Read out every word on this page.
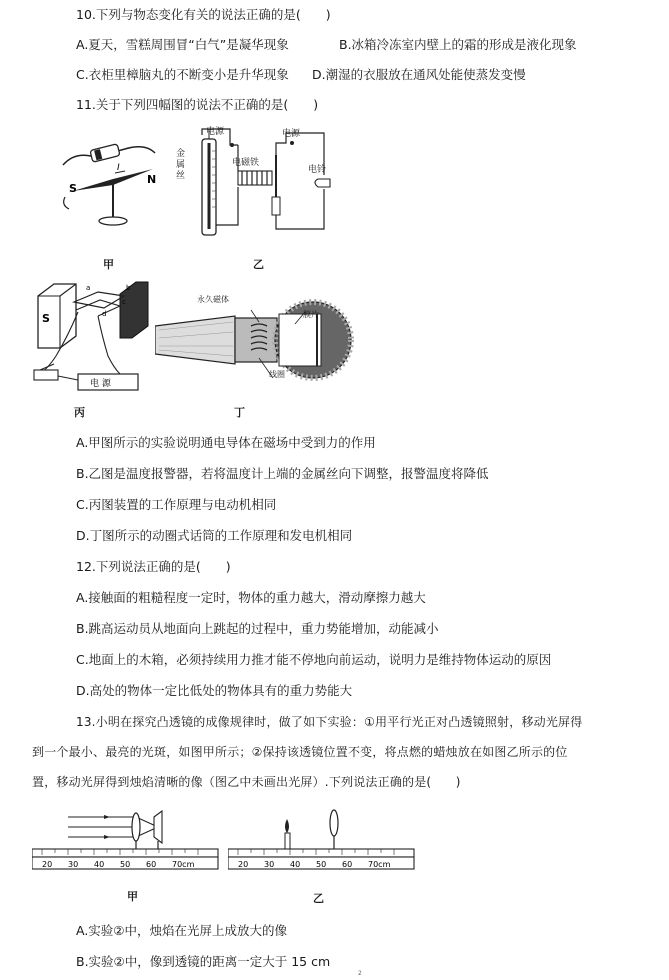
10.下列与物态变化有关的说法正确的是(　　)
A.夏天，雪糕周围冒“白气”是凝华现象	B.冰箱冷冻室内壁上的霜的形成是液化现象
C.衣柜里樟脑丸的不断变小是升华现象 D.潮湿的衣服放在通风处能使蒸发变慢
11.关于下列四幅图的说法不正确的是(　　)
S
N
I
甲
电源	电源
金
属
丝
电磁铁
电铃
乙
S
电 源
a	b
c
d
丙
永久磁体
膜片
线圈
丁
A.甲图所示的实验说明通电导体在磁场中受到力的作用
B.乙图是温度报警器，若将温度计上端的金属丝向下调整，报警温度将降低
C.丙图装置的工作原理与电动机相同
D.丁图所示的动圈式话筒的工作原理和发电机相同
12.下列说法正确的是(　　)
A.接触面的粗糙程度一定时，物体的重力越大，滑动摩擦力越大
B.跳高运动员从地面向上跳起的过程中，重力势能增加，动能减小
C.地面上的木箱，必须持续用力推才能不停地向前运动，说明力是维持物体运动的原因
D.高处的物体一定比低处的物体具有的重力势能大
13.小明在探究凸透镜的成像规律时，做了如下实验：①用平行光正对凸透镜照射，移动光屏得
到一个最小、最亮的光斑，如图甲所示；②保持该透镜位置不变，将点燃的蜡烛放在如图乙所示的位
置，移动光屏得到烛焰清晰的像（图乙中未画出光屏）.下列说法正确的是(　　)
20 30 40 50 60 70cm
甲
20 30 40 50 60 70cm
乙
A.实验②中，烛焰在光屏上成放大的像
B.实验②中，像到透镜的距离一定大于 15 cm
2
